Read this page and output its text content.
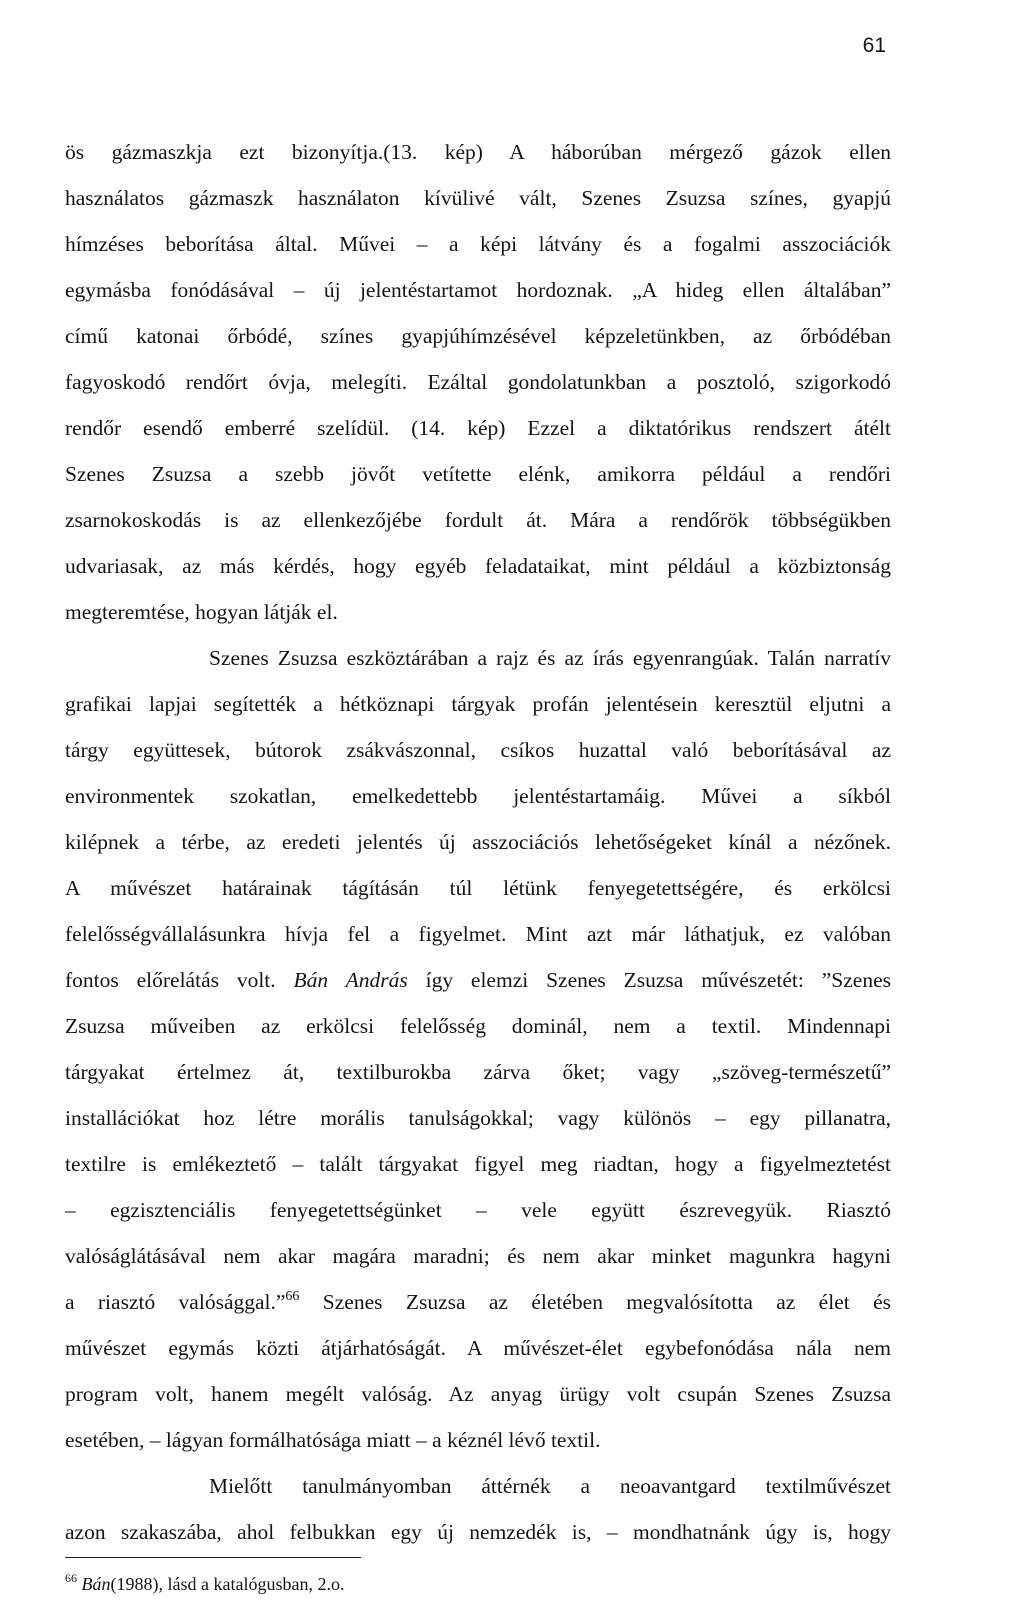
61
ös gázmaszkja ezt bizonyítja.(13. kép) A háborúban mérgező gázok ellen
használatos gázmaszk használaton kívülivé vált, Szenes Zsuzsa színes, gyapjú
hímzéses beborítása által. Művei – a képi látvány és a fogalmi asszociációk
egymásba fonódásával – új jelentéstartamot hordoznak. „A hideg ellen általában”
című katonai őrbódé, színes gyapjúhímzésével képzeletünkben, az őrbódéban
fagyoskodó rendőrt óvja, melegíti. Ezáltal gondolatunkban a posztoló, szigorkodó
rendőr esendő emberré szelídül. (14. kép) Ezzel a diktatórikus rendszert átélt
Szenes Zsuzsa a szebb jövőt vetítette elénk, amikorra például a rendőri
zsarnokoskodás is az ellenkezőjébe fordult át. Mára a rendőrök többségükben
udvariasak, az más kérdés, hogy egyéb feladataikat, mint például a közbiztonság
megteremtése, hogyan látják el.
Szenes Zsuzsa eszköztárában a rajz és az írás egyenrangúak. Talán narratív
grafikai lapjai segítették a hétköznapi tárgyak profán jelentésein keresztül eljutni a
tárgy együttesek, bútorok zsákvászonnal, csíkos huzattal való beborításával az
environmentek szokatlan, emelkedettebb jelentéstartamáig. Művei a síkból
kilépnek a térbe, az eredeti jelentés új asszociációs lehetőségeket kínál a nézőnek.
A művészet határainak tágításán túl létünk fenyegetettségére, és erkölcsi
felelősségvállalásunkra hívja fel a figyelmet. Mint azt már láthatjuk, ez valóban
fontos előrelátás volt. Bán András így elemzi Szenes Zsuzsa művészetét: ”Szenes
Zsuzsa műveiben az erkölcsi felelősség dominál, nem a textil. Mindennapi
tárgyakat értelmez át, textilburokba zárva őket; vagy „szöveg-természetű”
installációkat hoz létre morális tanulságokkal; vagy különös – egy pillanatra,
textilre is emlékeztető – talált tárgyakat figyel meg riadtan, hogy a figyelmeztetést
– egzisztenciális fenyegetettségünket – vele együtt észrevegyük. Riasztó
valóságlátásával nem akar magára maradni; és nem akar minket magunkra hagyni
a riasztó valósággal.”$^{66}$ Szenes Zsuzsa az életében megvalósította az élet és
művészet egymás közti átjárhatóságát. A művészet-élet egybefonódása nála nem
program volt, hanem megélt valóság. Az anyag ürügy volt csupán Szenes Zsuzsa
esetében, – lágyan formálhatósága miatt – a kéznél lévő textil.
Mielőtt tanulmányomban áttérnék a neoavantgard textilművészet
azon szakaszába, ahol felbukkan egy új nemzedék is, – mondhatnánk úgy is, hogy
$^{66}$ Bán(1988), lásd a katalógusban, 2.o.
